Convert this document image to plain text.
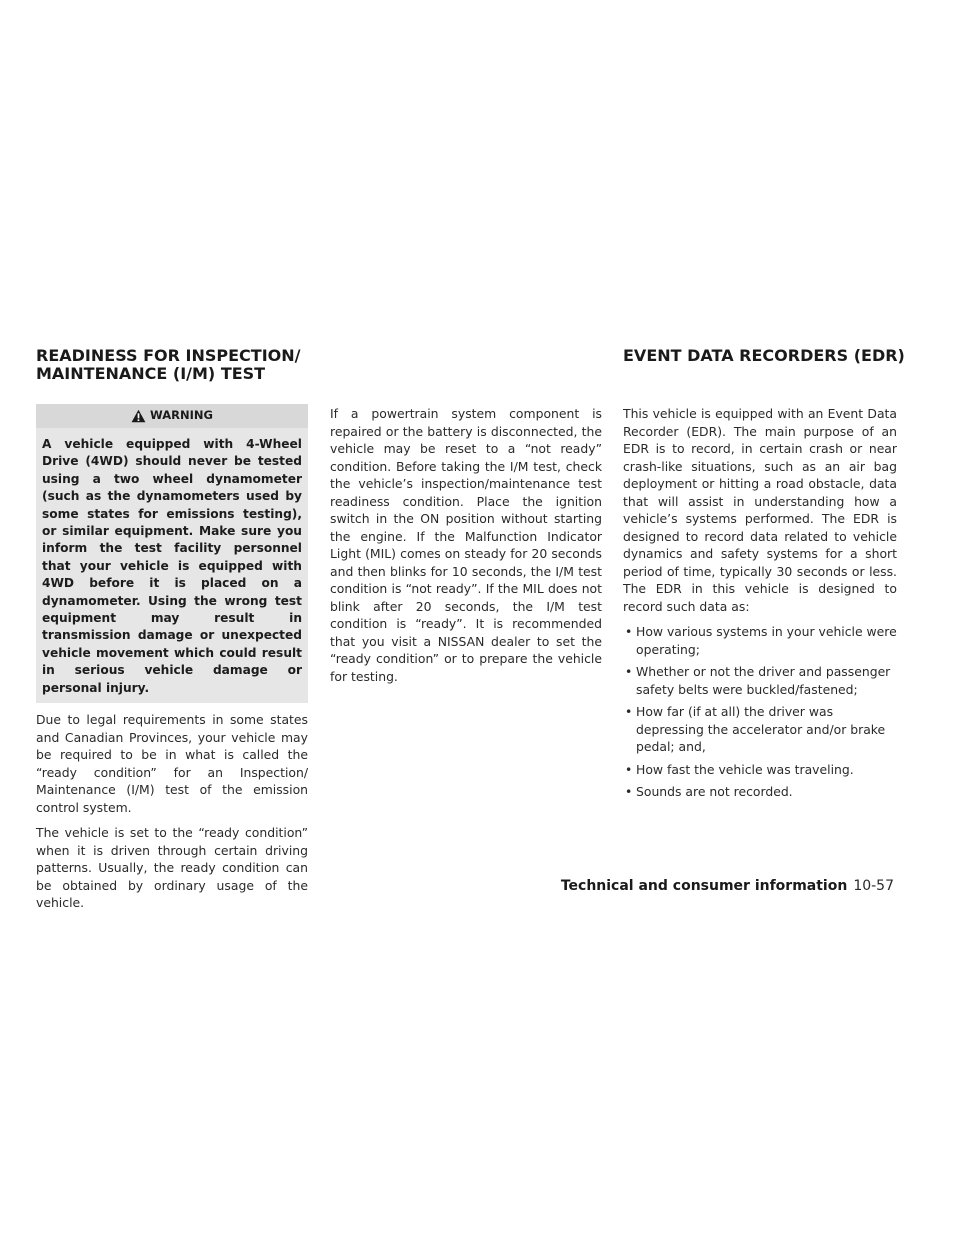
READINESS FOR INSPECTION/
MAINTENANCE (I/M) TEST
EVENT DATA RECORDERS (EDR)
WARNING
A vehicle equipped with 4-Wheel Drive (4WD) should never be tested using a two wheel dynamometer (such as the dynamometers used by some states for emissions testing), or similar equipment. Make sure you inform the test facility personnel that your vehicle is equipped with 4WD before it is placed on a dynamometer. Using the wrong test equipment may result in transmission damage or unexpected vehicle movement which could result in serious vehicle damage or personal injury.

Due to legal requirements in some states and Canadian Provinces, your vehicle may be required to be in what is called the “ready condition” for an Inspection/ Maintenance (I/M) test of the emission control system.

The vehicle is set to the “ready condition” when it is driven through certain driving patterns. Usually, the ready condition can be obtained by ordinary usage of the vehicle.

If a powertrain system component is repaired or the battery is disconnected, the vehicle may be reset to a “not ready” condition. Before taking the I/M test, check the vehicle’s inspection/maintenance test readiness condition. Place the ignition switch in the ON position without starting the engine. If the Malfunction Indicator Light (MIL) comes on steady for 20 seconds and then blinks for 10 seconds, the I/M test condition is “not ready”. If the MIL does not blink after 20 seconds, the I/M test condition is “ready”. It is recommended that you visit a NISSAN dealer to set the “ready condition” or to prepare the vehicle for testing.

This vehicle is equipped with an Event Data Recorder (EDR). The main purpose of an EDR is to record, in certain crash or near crash-like situations, such as an air bag deployment or hitting a road obstacle, data that will assist in understanding how a vehicle’s systems performed. The EDR is designed to record data related to vehicle dynamics and safety systems for a short period of time, typically 30 seconds or less. The EDR in this vehicle is designed to record such data as:

• How various systems in your vehicle were operating;
• Whether or not the driver and passenger safety belts were buckled/fastened;
• How far (if at all) the driver was depressing the accelerator and/or brake pedal; and,
• How fast the vehicle was traveling.
• Sounds are not recorded.
Technical and consumer information 10-57
